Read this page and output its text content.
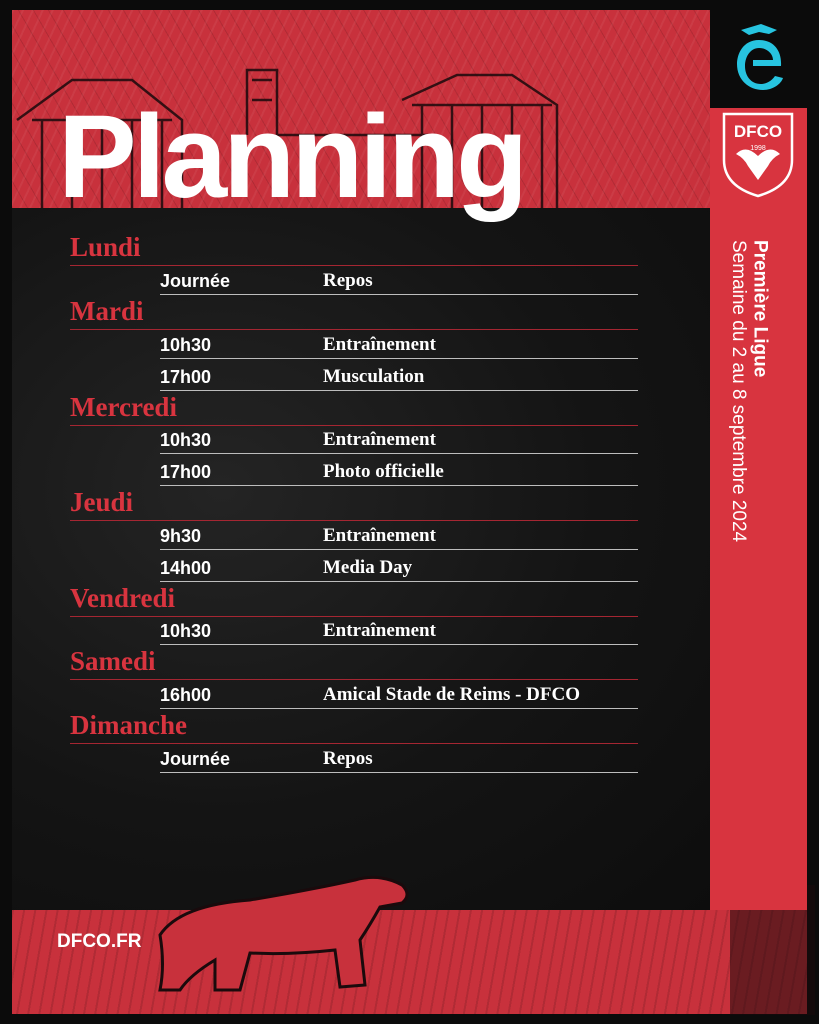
DFCO
1998
Première Ligue
Semaine du 2 au 8 septembre 2024
Planning
Lundi
Journée	Repos
Mardi
10h30	Entraînement
17h00	Musculation
Mercredi
10h30	Entraînement
17h00	Photo officielle
Jeudi
9h30	Entraînement
14h00	Media Day
Vendredi
10h30	Entraînement
Samedi
16h00	Amical Stade de Reims - DFCO
Dimanche
Journée	Repos
DFCO.FR
